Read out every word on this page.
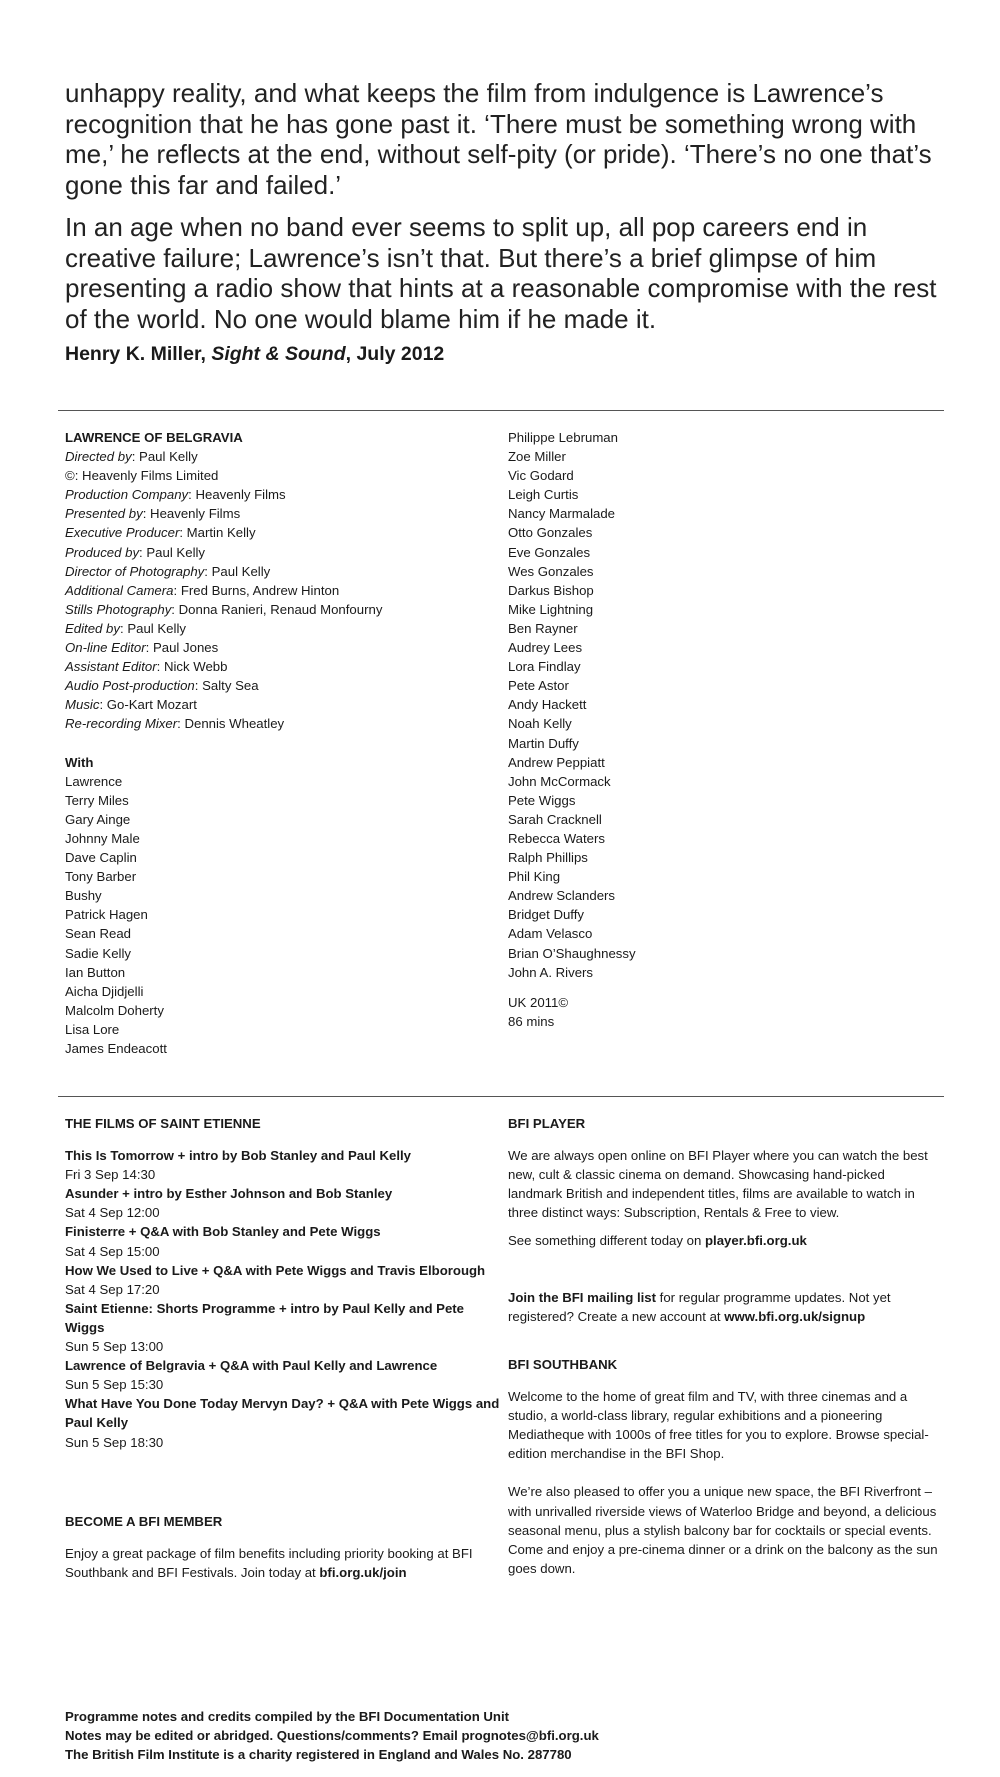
unhappy reality, and what keeps the film from indulgence is Lawrence’s recognition that he has gone past it. ‘There must be something wrong with me,’ he reflects at the end, without self-pity (or pride). ‘There’s no one that’s gone this far and failed.’

In an age when no band ever seems to split up, all pop careers end in creative failure; Lawrence’s isn’t that. But there’s a brief glimpse of him presenting a radio show that hints at a reasonable compromise with the rest of the world. No one would blame him if he made it.

Henry K. Miller, Sight & Sound, July 2012
LAWRENCE OF BELGRAVIA
Directed by: Paul Kelly
©: Heavenly Films Limited
Production Company: Heavenly Films
Presented by: Heavenly Films
Executive Producer: Martin Kelly
Produced by: Paul Kelly
Director of Photography: Paul Kelly
Additional Camera: Fred Burns, Andrew Hinton
Stills Photography: Donna Ranieri, Renaud Monfourny
Edited by: Paul Kelly
On-line Editor: Paul Jones
Assistant Editor: Nick Webb
Audio Post-production: Salty Sea
Music: Go-Kart Mozart
Re-recording Mixer: Dennis Wheatley
With
Lawrence
Terry Miles
Gary Ainge
Johnny Male
Dave Caplin
Tony Barber
Bushy
Patrick Hagen
Sean Read
Sadie Kelly
Ian Button
Aicha Djidjelli
Malcolm Doherty
Lisa Lore
James Endeacott
Philippe Lebruman
Zoe Miller
Vic Godard
Leigh Curtis
Nancy Marmalade
Otto Gonzales
Eve Gonzales
Wes Gonzales
Darkus Bishop
Mike Lightning
Ben Rayner
Audrey Lees
Lora Findlay
Pete Astor
Andy Hackett
Noah Kelly
Martin Duffy
Andrew Peppiatt
John McCormack
Pete Wiggs
Sarah Cracknell
Rebecca Waters
Ralph Phillips
Phil King
Andrew Sclanders
Bridget Duffy
Adam Velasco
Brian O’Shaughnessy
John A. Rivers
UK 2011©
86 mins
THE FILMS OF SAINT ETIENNE
This Is Tomorrow + intro by Bob Stanley and Paul Kelly
Fri 3 Sep 14:30
Asunder + intro by Esther Johnson and Bob Stanley
Sat 4 Sep 12:00
Finisterre + Q&A with Bob Stanley and Pete Wiggs
Sat 4 Sep 15:00
How We Used to Live + Q&A with Pete Wiggs and Travis Elborough
Sat 4 Sep 17:20
Saint Etienne: Shorts Programme + intro by Paul Kelly and Pete Wiggs
Sun 5 Sep 13:00
Lawrence of Belgravia + Q&A with Paul Kelly and Lawrence
Sun 5 Sep 15:30
What Have You Done Today Mervyn Day? + Q&A with Pete Wiggs and Paul Kelly
Sun 5 Sep 18:30
BECOME A BFI MEMBER
Enjoy a great package of film benefits including priority booking at BFI Southbank and BFI Festivals. Join today at bfi.org.uk/join
BFI PLAYER
We are always open online on BFI Player where you can watch the best new, cult & classic cinema on demand. Showcasing hand-picked landmark British and independent titles, films are available to watch in three distinct ways: Subscription, Rentals & Free to view.
See something different today on player.bfi.org.uk
Join the BFI mailing list for regular programme updates. Not yet registered? Create a new account at www.bfi.org.uk/signup
BFI SOUTHBANK
Welcome to the home of great film and TV, with three cinemas and a studio, a world-class library, regular exhibitions and a pioneering Mediatheque with 1000s of free titles for you to explore. Browse special-edition merchandise in the BFI Shop.
We’re also pleased to offer you a unique new space, the BFI Riverfront – with unrivalled riverside views of Waterloo Bridge and beyond, a delicious seasonal menu, plus a stylish balcony bar for cocktails or special events. Come and enjoy a pre-cinema dinner or a drink on the balcony as the sun goes down.
Programme notes and credits compiled by the BFI Documentation Unit
Notes may be edited or abridged. Questions/comments? Email prognotes@bfi.org.uk
The British Film Institute is a charity registered in England and Wales No. 287780
